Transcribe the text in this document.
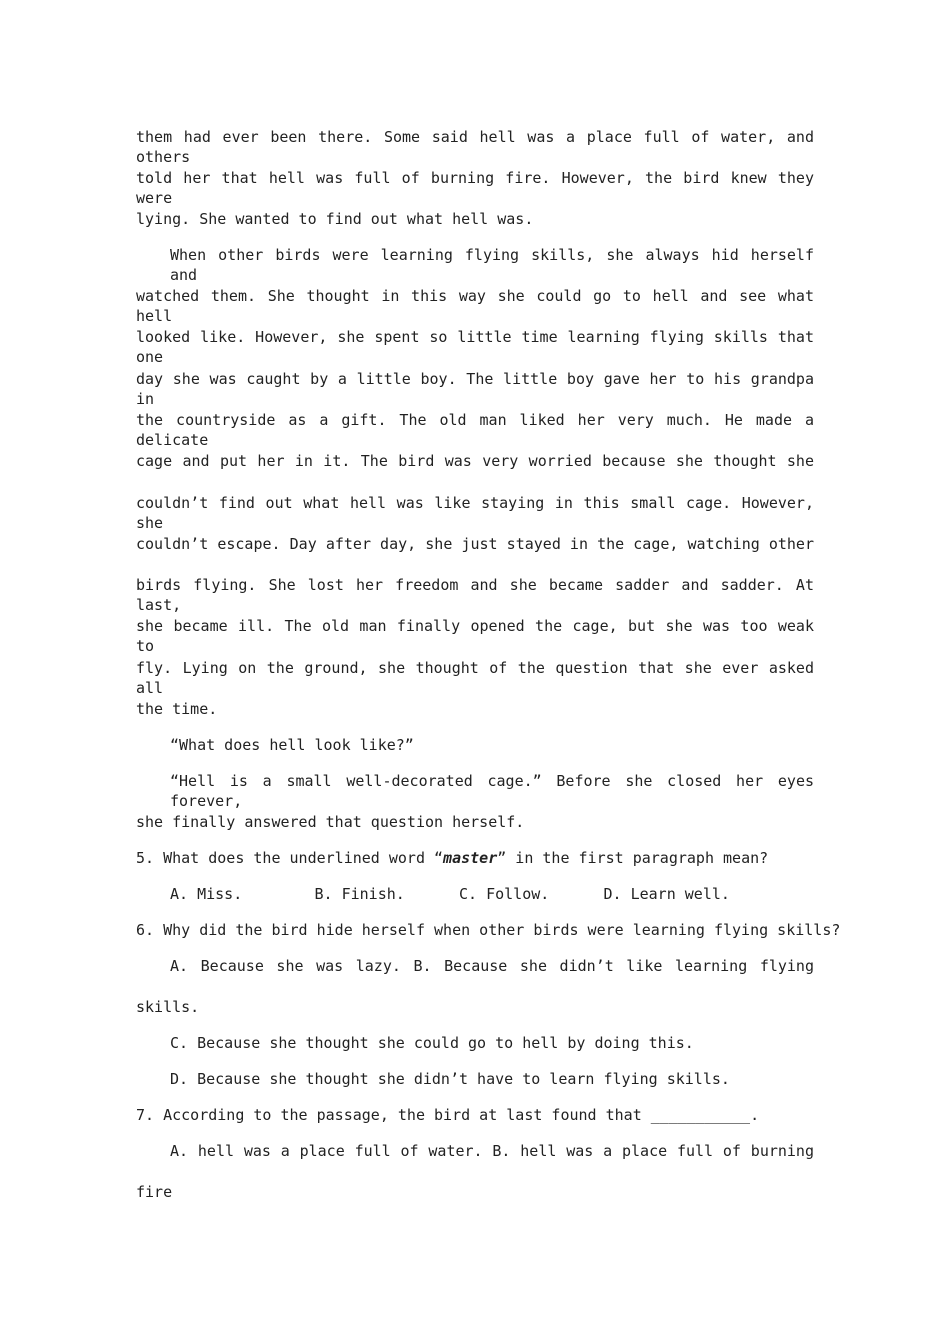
them had ever been there. Some said hell was a place full of water, and others
told her that hell was full of burning fire. However, the bird knew they were
lying. She wanted to find out what hell was.
When other birds were learning flying skills, she always hid herself and
watched them. She thought in this way she could go to hell and see what hell
looked like. However, she spent so little time learning flying skills that one
day she was caught by a little boy. The little boy gave her to his grandpa in
the countryside as a gift. The old man liked her very much. He made a delicate
cage and put her in it. The bird was very worried because she thought she
couldn’t find out what hell was like staying in this small cage. However, she
couldn’t escape. Day after day, she just stayed in the cage, watching other
birds flying. She lost her freedom and she became sadder and sadder. At last,
she became ill. The old man finally opened the cage, but she was too weak to
fly. Lying on the ground, she thought of the question that she ever asked all
the time.
“What does hell look like?”
“Hell is a small well-decorated cage.” Before she closed her eyes forever,
she finally answered that question herself.
5. What does the underlined word “master” in the first paragraph mean?
A. Miss.        B. Finish.      C. Follow.      D. Learn well.
6. Why did the bird hide herself when other birds were learning flying skills?
A. Because she was lazy. B. Because she didn’t like learning flying
skills.
C. Because she thought she could go to hell by doing this.
D. Because she thought she didn’t have to learn flying skills.
7. According to the passage, the bird at last found that ___________.
A. hell was a place full of water. B. hell was a place full of burning
fire
